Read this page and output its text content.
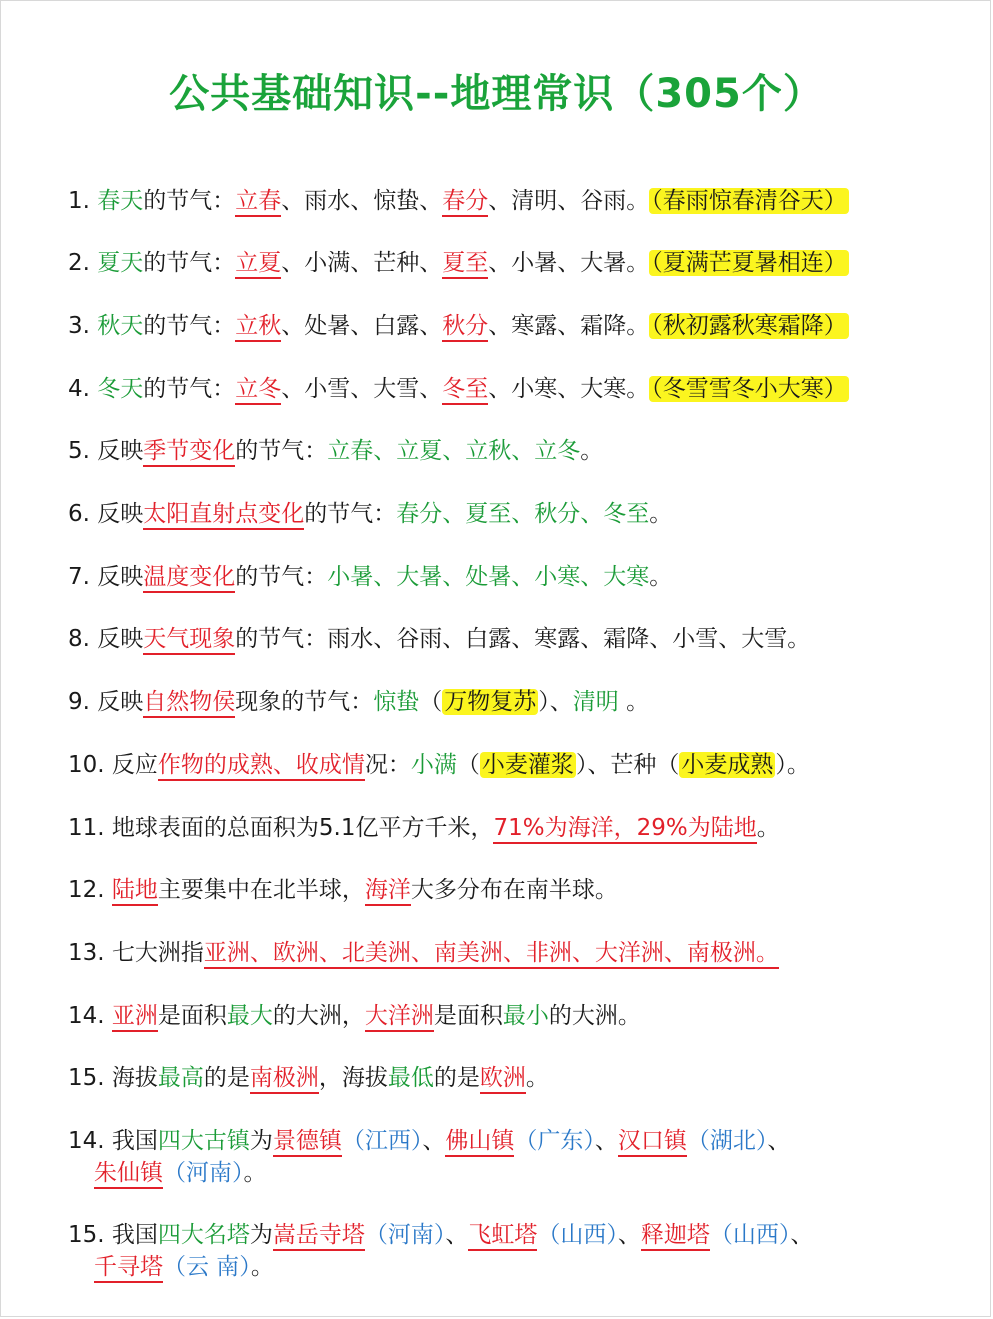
公共基础知识--地理常识（305个）
1. 春天的节气：立春、雨水、惊蛰、春分、清明、谷雨。（春雨惊春清谷天）
2. 夏天的节气：立夏、小满、芒种、夏至、小暑、大暑。（夏满芒夏暑相连）
3. 秋天的节气：立秋、处暑、白露、秋分、寒露、霜降。（秋初露秋寒霜降）
4. 冬天的节气：立冬、小雪、大雪、冬至、小寒、大寒。（冬雪雪冬小大寒）
5. 反映季节变化的节气：立春、立夏、立秋、立冬。
6. 反映太阳直射点变化的节气：春分、夏至、秋分、冬至。
7. 反映温度变化的节气：小暑、大暑、处暑、小寒、大寒。
8. 反映天气现象的节气：雨水、谷雨、白露、寒露、霜降、小雪、大雪。
9. 反映自然物侯现象的节气：惊蛰（万物复苏）、清明 。
10. 反应作物的成熟、收成情况：小满（小麦灌浆）、芒种（小麦成熟）。
11. 地球表面的总面积为5.1亿平方千米，71%为海洋，29%为陆地。
12. 陆地主要集中在北半球，海洋大多分布在南半球。
13. 七大洲指亚洲、欧洲、北美洲、南美洲、非洲、大洋洲、南极洲。
14. 亚洲是面积最大的大洲，大洋洲是面积最小的大洲。
15. 海拔最高的是南极洲，海拔最低的是欧洲。
14. 我国四大古镇为景德镇（江西）、佛山镇（广东）、汉口镇（湖北）、
朱仙镇（河南）。
15. 我国四大名塔为嵩岳寺塔（河南）、飞虹塔（山西）、释迦塔（山西）、
千寻塔（云 南）。
